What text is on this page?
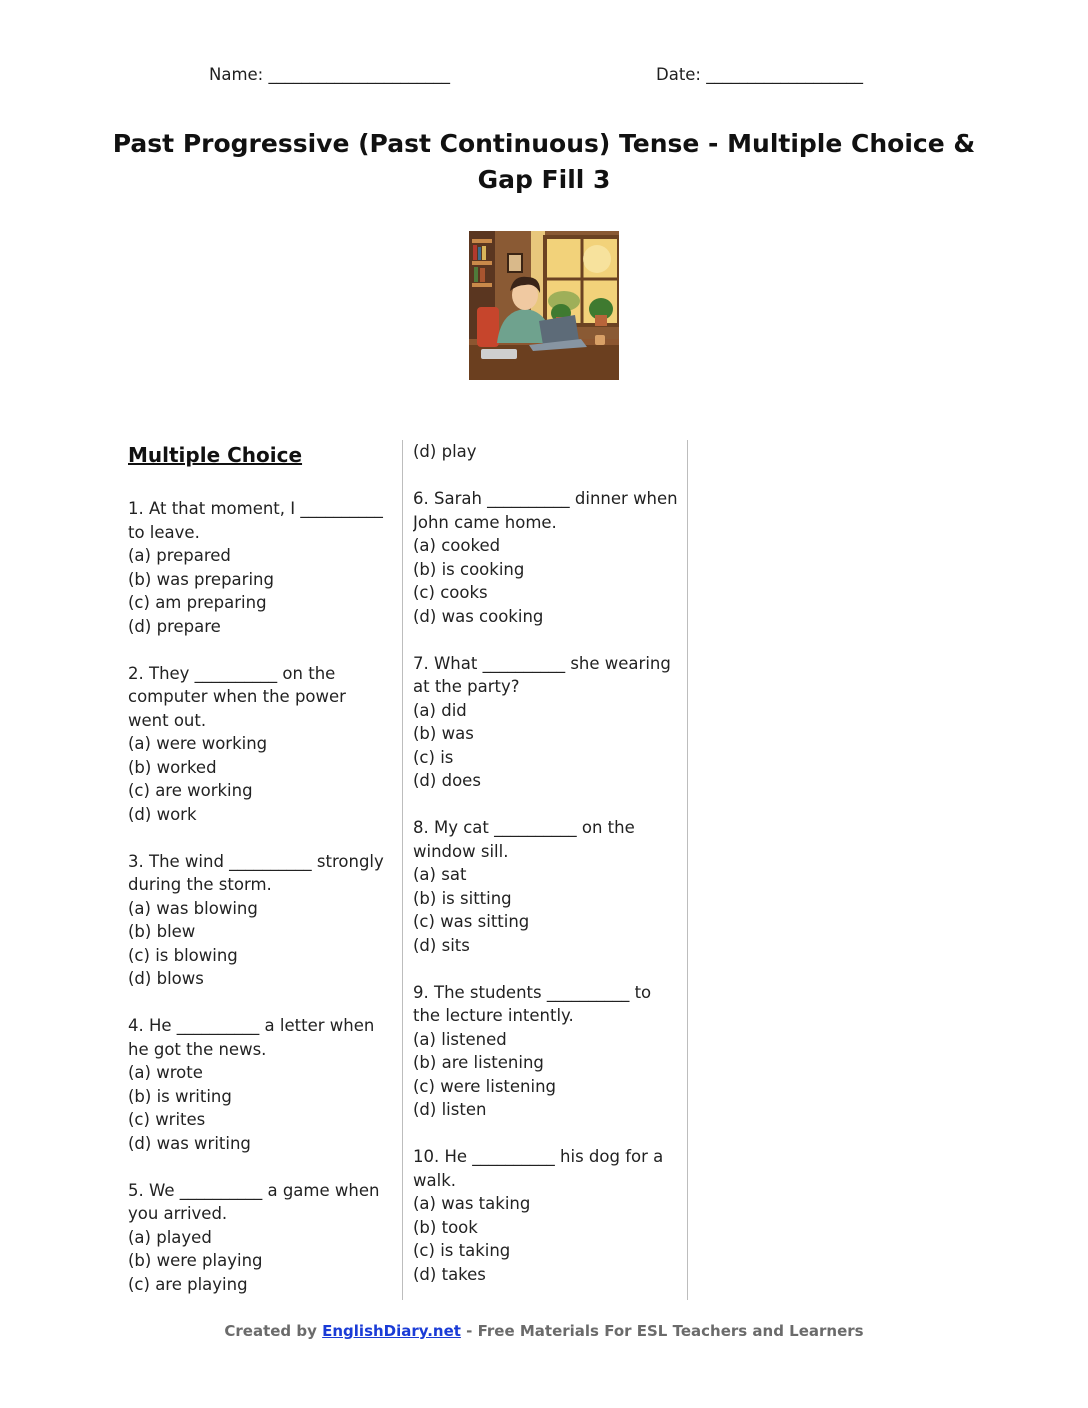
Name: ______________________	Date: ___________________
Past Progressive (Past Continuous) Tense - Multiple Choice & Gap Fill 3
Multiple Choice
1. At that moment, I __________ to leave.
(a) prepared
(b) was preparing
(c) am preparing
(d) prepare
2. They __________ on the computer when the power went out.
(a) were working
(b) worked
(c) are working
(d) work
3. The wind __________ strongly during the storm.
(a) was blowing
(b) blew
(c) is blowing
(d) blows
4. He __________ a letter when he got the news.
(a) wrote
(b) is writing
(c) writes
(d) was writing
5. We __________ a game when you arrived.
(a) played
(b) were playing
(c) are playing
(d) play
6. Sarah __________ dinner when John came home.
(a) cooked
(b) is cooking
(c) cooks
(d) was cooking
7. What __________ she wearing at the party?
(a) did
(b) was
(c) is
(d) does
8. My cat __________ on the window sill.
(a) sat
(b) is sitting
(c) was sitting
(d) sits
9. The students __________ to the lecture intently.
(a) listened
(b) are listening
(c) were listening
(d) listen
10. He __________ his dog for a walk.
(a) was taking
(b) took
(c) is taking
(d) takes
Created by EnglishDiary.net - Free Materials For ESL Teachers and Learners
